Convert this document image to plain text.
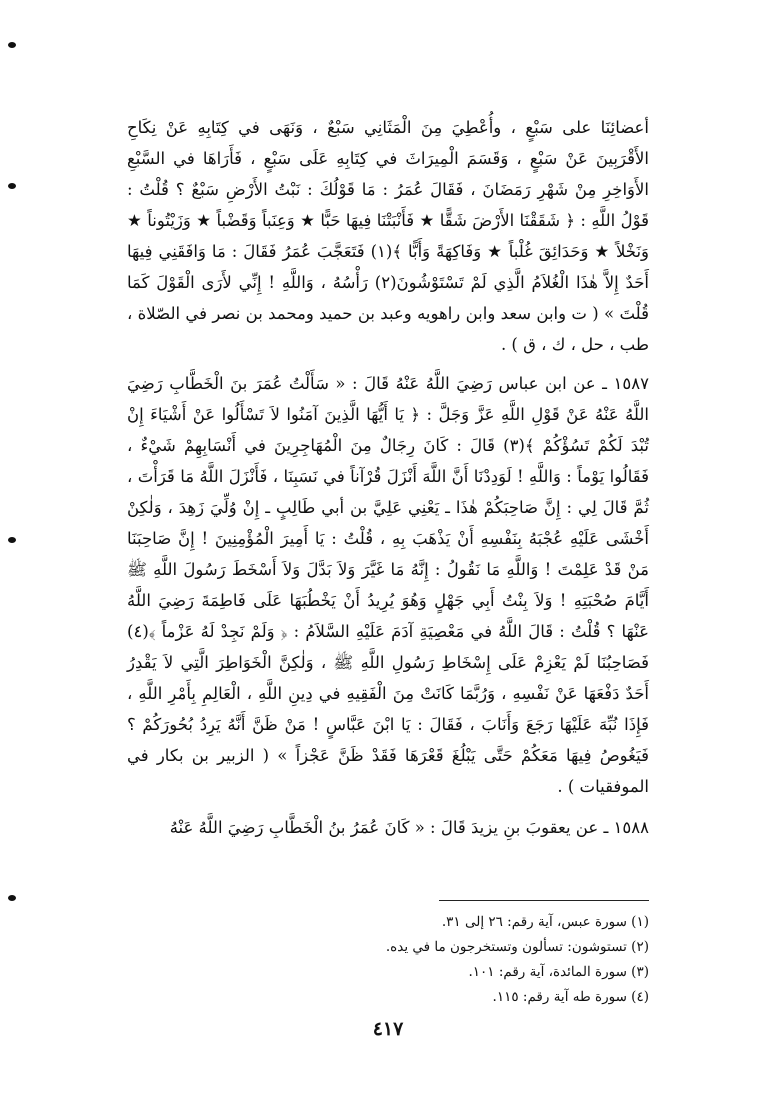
أعضائِنَا على سَبْعٍ ، وأُعْطِيَ مِنَ الْمَثَانِي سَبْعٌ ، وَنَهَى في كِتَابِهِ عَنْ نِكَاحِ الأَقْرَبِينَ عَنْ سَبْعٍ ، وَقَسَمَ الْمِيرَاثَ في كِتَابِهِ عَلَى سَبْعٍ ، فَأَرَاهَا في السَّبْعِ الأَوَاخِرِ مِنْ شَهْرِ رَمَضَانَ ، فَقَالَ عُمَرُ : مَا قَوْلُكَ : نَبْتُ الأَرْضِ سَبْعٌ ؟ قُلْتُ : قَوْلُ اللَّهِ : ﴿ شَقَقْنَا الأَرْضَ شَقًّا ★ فَأَنْبَتْنَا فِيهَا حَبًّا ★ وَعِنَباً وَقَضْباً ★ وَزَيْتُوناً ★ وَنَخْلاً ★ وَحَدَائِقَ غُلْباً ★ وَفَاكِهَةً وَأَبًّا ﴾(١) فَتَعَجَّبَ عُمَرُ فَقَالَ : مَا وَافَقَنِي فِيهَا أَحَدٌ إِلاَّ هٰذَا الْغُلاَمُ الَّذِي لَمْ تَسْتَوْشُونَ(٢) رَأْسُهُ ، وَاللَّهِ ! إِنِّي لأَرَى الْقَوْلَ كَمَا قُلْتَ » ( ت وابن سعد وابن راهويه وعبد بن حميد ومحمد بن نصر في الصّلاة ، طب ، حل ، ك ، ق ) .

١٥٨٧ ـ عن ابن عباس رَضِيَ اللَّهُ عَنْهُ قَالَ : « سَأَلْتُ عُمَرَ بنَ الْخَطَّابِ رَضِيَ اللَّهُ عَنْهُ عَنْ قَوْلِ اللَّهِ عَزَّ وَجَلَّ : ﴿ يَا أَيُّهَا الَّذِينَ آمَنُوا لاَ تَسْأَلُوا عَنْ أَشْيَاءَ إِنْ تُبْدَ لَكُمْ تَسُؤْكُمْ ﴾(٣) قَالَ : كَانَ رِجَالٌ مِنَ الْمُهَاجِرِينَ في أَنْسَابِهِمْ شَيْءٌ ، فَقَالُوا يَوْماً : وَاللَّهِ ! لَوَدِدْنَا أَنَّ اللَّهَ أَنْزَلَ قُرْآناً في نَسَبِنَا ، فَأَنْزَلَ اللَّهُ مَا قَرَأْتَ ، ثُمَّ قَالَ لِي : إِنَّ صَاحِبَكُمْ هٰذَا ـ يَعْنِي عَلِيَّ بن أبي طَالِبٍ ـ إِنْ وُلِّيَ زَهِدَ ، وَلٰكِنْ أَخْشَى عَلَيْهِ عُجْبَهُ بِنَفْسِهِ أَنْ يَذْهَبَ بِهِ ، قُلْتُ : يَا أَمِيرَ الْمُؤْمِنِينَ ! إِنَّ صَاحِبَنَا مَنْ قَدْ عَلِمْتَ ! وَاللَّهِ مَا نَقُولُ : إِنَّهُ مَا غَيَّرَ وَلاَ بَدَّلَ وَلاَ أَسْخَطَ رَسُولَ اللَّهِ ﷺ أَيَّامَ صُحْبَتِهِ ! وَلاَ بِنْتُ أَبِي جَهْلٍ وَهُوَ يُرِيدُ أَنْ يَخْطُبَهَا عَلَى فَاطِمَةَ رَضِيَ اللَّهُ عَنْهَا ؟ قُلْتُ : قَالَ اللَّهُ في مَعْصِيَةِ آدَمَ عَلَيْهِ السَّلاَمُ : ﴿ وَلَمْ نَجِدْ لَهُ عَزْماً ﴾(٤) فَصَاحِبُنَا لَمْ يَعْزِمْ عَلَى إِسْخَاطِ رَسُولِ اللَّهِ ﷺ ، وَلٰكِنَّ الْخَوَاطِرَ الَّتِي لاَ يَقْدِرُ أَحَدٌ دَفْعَهَا عَنْ نَفْسِهِ ، وَرُبَّمَا كَانَتْ مِنَ الْفَقِيهِ في دِينِ اللَّهِ ، الْعَالِمِ بِأَمْرِ اللَّهِ ، فَإِذَا نُبِّهَ عَلَيْهَا رَجَعَ وَأَنَابَ ، فَقَالَ : يَا ابْنَ عَبَّاسٍ ! مَنْ ظَنَّ أَنَّهُ يَرِدُ بُحُورَكُمْ ؟ فَيَغُوصُ فِيهَا مَعَكُمْ حَتَّى يَبْلُغَ قَعْرَهَا فَقَدْ ظَنَّ عَجْزاً » ( الزبير بن بكار في الموفقيات ) .

١٥٨٨ ـ عن يعقوبَ بنِ يزيدَ قَالَ : « كَانَ عُمَرُ بنُ الْخَطَّابِ رَضِيَ اللَّهُ عَنْهُ

(١) سورة عبس، آية رقم: ٢٦ إلى ٣١.
(٢) تستوشون: تسألون وتستخرجون ما في يده.
(٣) سورة المائدة، آية رقم: ١٠١.
(٤) سورة طه آية رقم: ١١٥.
٤١٧
